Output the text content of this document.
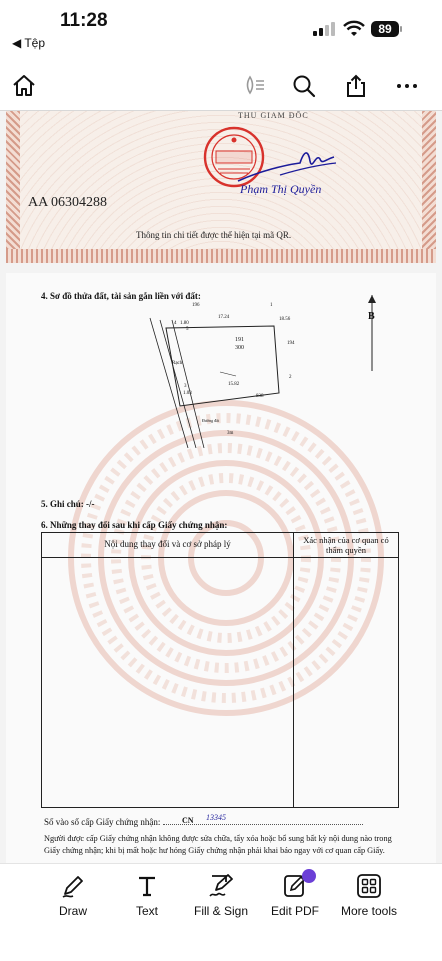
11:28
◀ Tệp
89
THU GIAM ĐỐC
Phạm Thị Quyền
AA 06304288
Thông tin chi tiết được thể hiện tại mã QR.
4. Sơ đồ thửa đất, tài sản gắn liền với đất:
196
194
838
191
300
17.24	18.56
15.82
1.80
1.03
1
2
3
4
5
Rạch
3m
Đường đất
B
5. Ghi chú: -/-
6. Những thay đổi sau khi cấp Giấy chứng nhận:
Nội dung thay đổi và cơ sở pháp lý	Xác nhận của cơ quan có thẩm quyền
Số vào sổ cấp Giấy chứng nhận:	CN 13345
Người được cấp Giấy chứng nhận không được sửa chữa, tẩy xóa hoặc bổ sung bất kỳ nội dung nào trong Giấy chứng nhận; khi bị mất hoặc hư hỏng Giấy chứng nhận phải khai báo ngay với cơ quan cấp Giấy.
Draw	Text	Fill & Sign	Edit PDF	More tools
